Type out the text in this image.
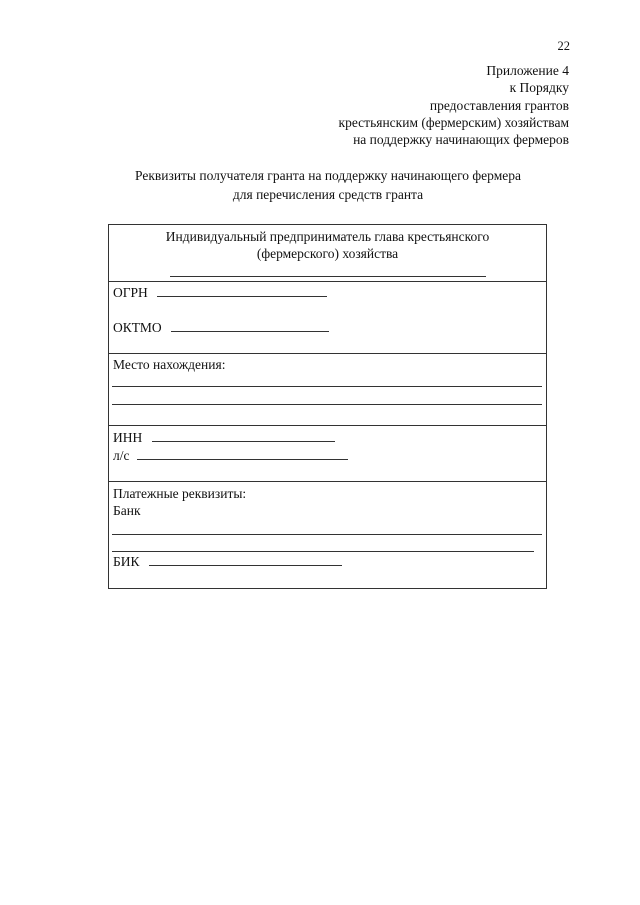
22
Приложение 4
к Порядку
предоставления грантов
крестьянским (фермерским) хозяйствам
на поддержку начинающих фермеров
Реквизиты получателя гранта на поддержку начинающего фермера
для перечисления средств гранта
Индивидуальный предприниматель глава крестьянского
(фермерского) хозяйства
ОГРН
ОКТМО
Место нахождения:
ИНН
л/с
Платежные реквизиты:
Банк
БИК
